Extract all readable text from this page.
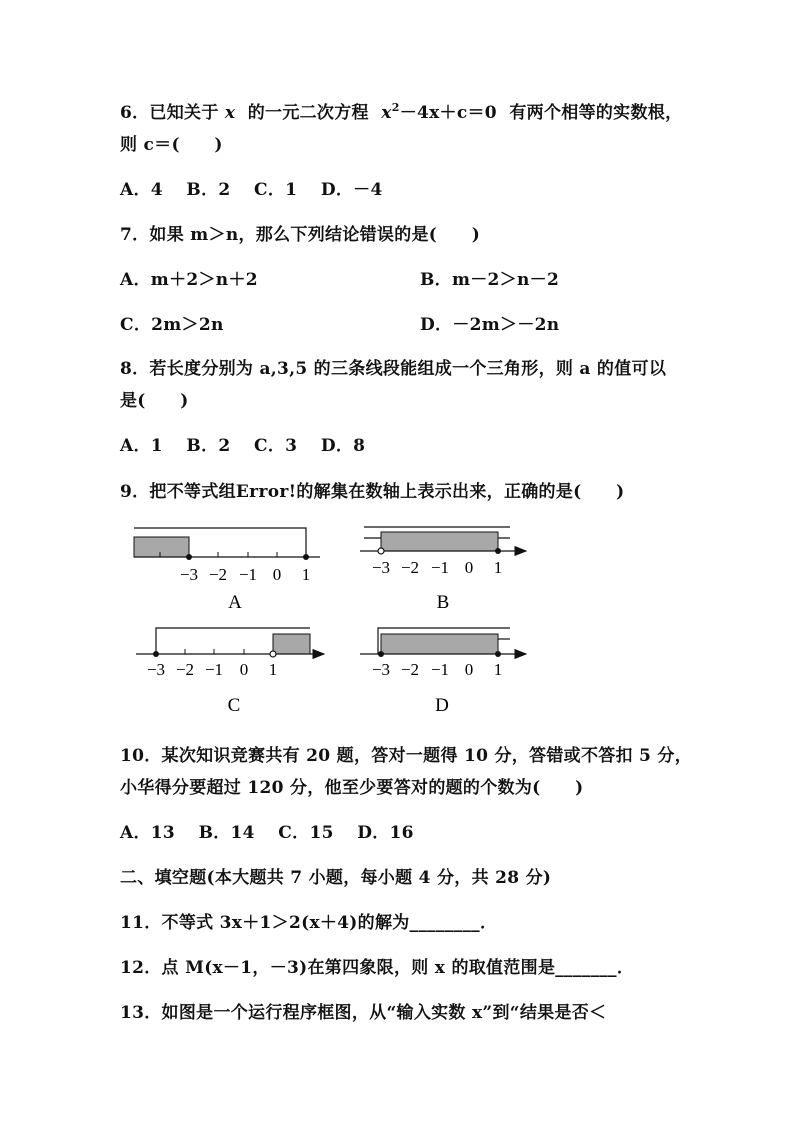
6．已知关于 x  的一元二次方程  $x^2-4x+c=0$  有两个相等的实数根，
则 c＝(　　)
A．4　 B．2　 C．1　 D．－4
7．如果 m＞n，那么下列结论错误的是(　　)
A．m＋2＞n＋2	B．m－2＞n－2
C．2m＞2n	D．－2m＞－2n
8．若长度分别为 a,3,5 的三条线段能组成一个三角形，则 a 的值可以
是(　　)
A．1　 B．2　 C．3　 D．8
9．把不等式组Error!的解集在数轴上表示出来，正确的是(　　)
−3 −2 −1 0 1
A
−3 −2 −1 0 1
B
−3 −2 −1 0 1
C
−3 −2 −1 0 1
D
10．某次知识竞赛共有 20 题，答对一题得 10 分，答错或不答扣 5 分，
小华得分要超过 120 分，他至少要答对的题的个数为(　　)
A．13　 B．14　 C．15　 D．16
二、填空题(本大题共 7 小题，每小题 4 分，共 28 分)
11．不等式 3x＋1＞2(x＋4)的解为________．
12．点 M(x－1，－3)在第四象限，则 x 的取值范围是_______．
13．如图是一个运行程序框图，从“输入实数 x”到“结果是否＜
